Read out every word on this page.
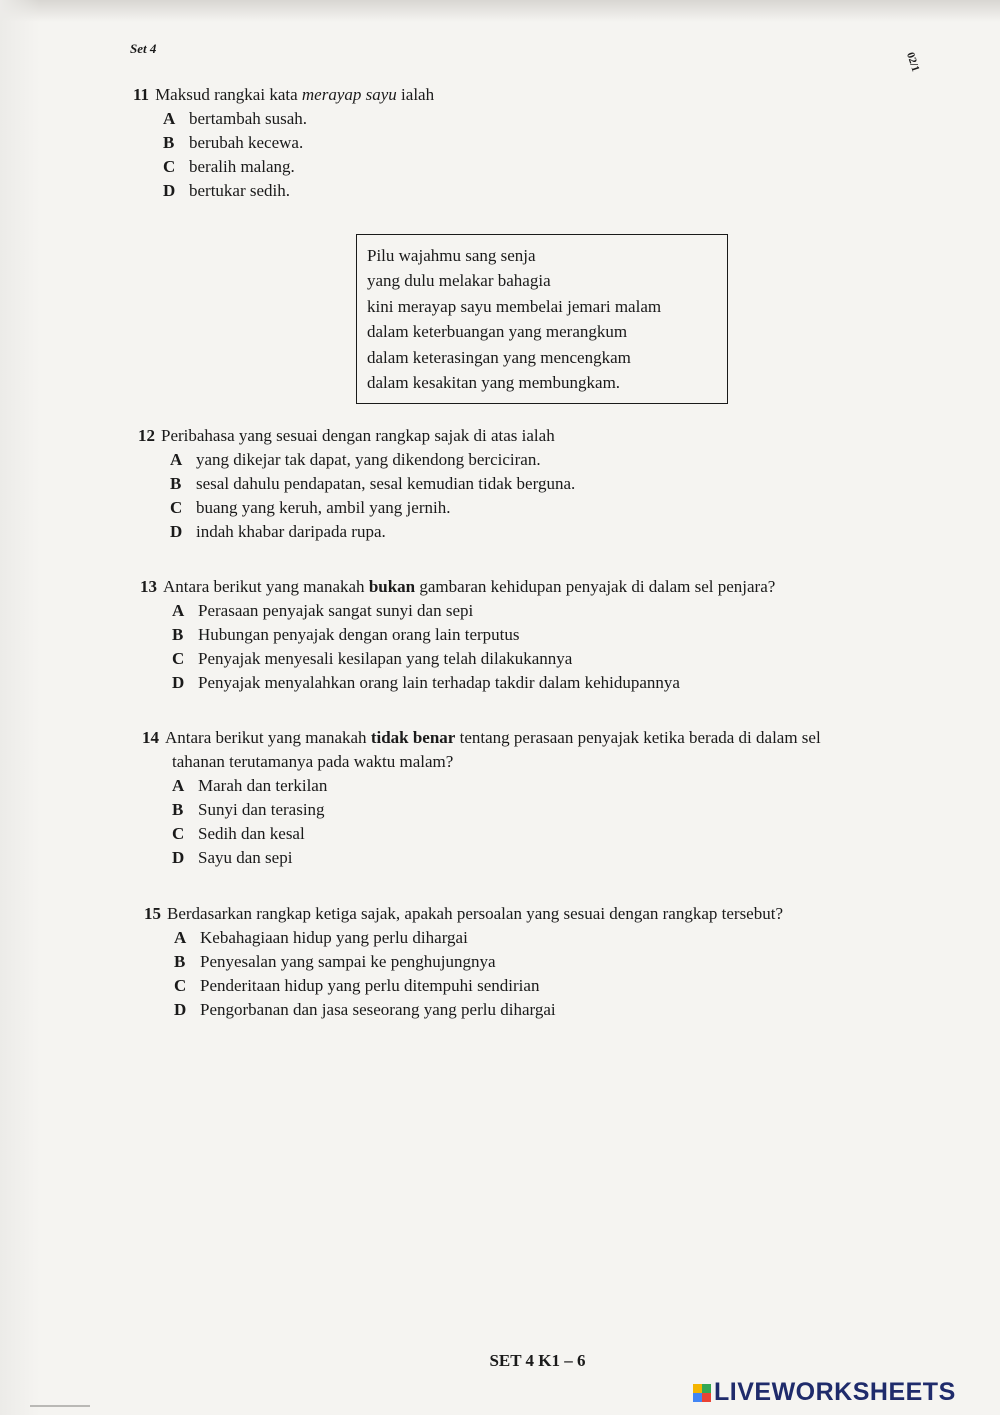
Set 4
02/1
11 Maksud rangkai kata merayap sayu ialah
A bertambah susah.
B berubah kecewa.
C beralih malang.
D bertukar sedih.
Pilu wajahmu sang senja
yang dulu melakar bahagia
kini merayap sayu membelai jemari malam
dalam keterbuangan yang merangkum
dalam keterasingan yang mencengkam
dalam kesakitan yang membungkam.
12 Peribahasa yang sesuai dengan rangkap sajak di atas ialah
A yang dikejar tak dapat, yang dikendong berciciran.
B sesal dahulu pendapatan, sesal kemudian tidak berguna.
C buang yang keruh, ambil yang jernih.
D indah khabar daripada rupa.
13 Antara berikut yang manakah bukan gambaran kehidupan penyajak di dalam sel penjara?
A Perasaan penyajak sangat sunyi dan sepi
B Hubungan penyajak dengan orang lain terputus
C Penyajak menyesali kesilapan yang telah dilakukannya
D Penyajak menyalahkan orang lain terhadap takdir dalam kehidupannya
14 Antara berikut yang manakah tidak benar tentang perasaan penyajak ketika berada di dalam sel
tahanan terutamanya pada waktu malam?
A Marah dan terkilan
B Sunyi dan terasing
C Sedih dan kesal
D Sayu dan sepi
15 Berdasarkan rangkap ketiga sajak, apakah persoalan yang sesuai dengan rangkap tersebut?
A Kebahagiaan hidup yang perlu dihargai
B Penyesalan yang sampai ke penghujungnya
C Penderitaan hidup yang perlu ditempuhi sendirian
D Pengorbanan dan jasa seseorang yang perlu dihargai
SET 4 K1 – 6
LIVEWORKSHEETS
